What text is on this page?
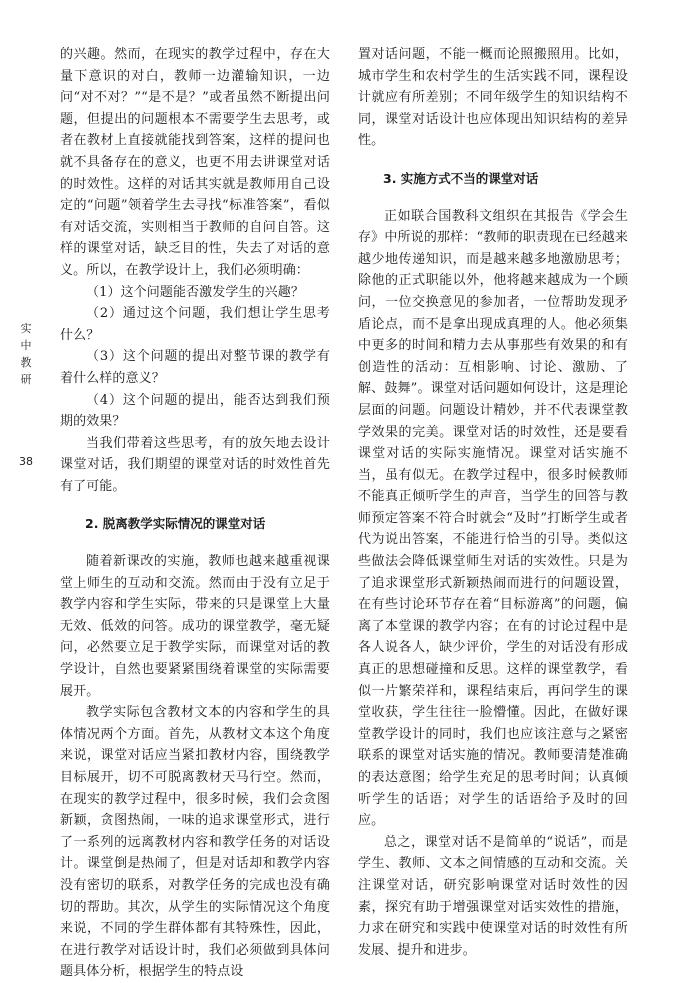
实
中
教
研
38

的兴趣。然而，在现实的教学过程中，存在大量下意识的对白，教师一边灌输知识，一边问“对不对？”“是不是？”或者虽然不断提出问题，但提出的问题根本不需要学生去思考，或者在教材上直接就能找到答案，这样的提问也就不具备存在的意义，也更不用去讲课堂对话的时效性。这样的对话其实就是教师用自己设定的“问题”领着学生去寻找“标准答案”，看似有对话交流，实则相当于教师的自问自答。这样的课堂对话，缺乏目的性，失去了对话的意义。所以，在教学设计上，我们必须明确：

（1）这个问题能否激发学生的兴趣？

（2）通过这个问题，我们想让学生思考什么？

（3）这个问题的提出对整节课的教学有着什么样的意义？

（4）这个问题的提出，能否达到我们预期的效果？

当我们带着这些思考，有的放矢地去设计课堂对话，我们期望的课堂对话的时效性首先有了可能。

2. 脱离教学实际情况的课堂对话

随着新课改的实施，教师也越来越重视课堂上师生的互动和交流。然而由于没有立足于教学内容和学生实际，带来的只是课堂上大量无效、低效的问答。成功的课堂教学，毫无疑问，必然要立足于教学实际，而课堂对话的教学设计，自然也要紧紧围绕着课堂的实际需要展开。

教学实际包含教材文本的内容和学生的具体情况两个方面。首先，从教材文本这个角度来说，课堂对话应当紧扣教材内容，围绕教学目标展开，切不可脱离教材天马行空。然而，在现实的教学过程中，很多时候，我们会贪图新颖，贪图热闹，一味的追求课堂形式，进行了一系列的远离教材内容和教学任务的对话设计。课堂倒是热闹了，但是对话却和教学内容没有密切的联系，对教学任务的完成也没有确切的帮助。其次，从学生的实际情况这个角度来说，不同的学生群体都有其特殊性，因此，在进行教学对话设计时，我们必须做到具体问题具体分析，根据学生的特点设

置对话问题，不能一概而论照搬照用。比如，城市学生和农村学生的生活实践不同，课程设计就应有所差别；不同年级学生的知识结构不同，课堂对话设计也应体现出知识结构的差异性。

3. 实施方式不当的课堂对话

正如联合国教科文组织在其报告《学会生存》中所说的那样：“教师的职责现在已经越来越少地传递知识，而是越来越多地激励思考；除他的正式职能以外，他将越来越成为一个顾问，一位交换意见的参加者，一位帮助发现矛盾论点，而不是拿出现成真理的人。他必须集中更多的时间和精力去从事那些有效果的和有创造性的活动：互相影响、讨论、激励、了解、鼓舞”。课堂对话问题如何设计，这是理论层面的问题。问题设计精妙，并不代表课堂教学效果的完美。课堂对话的时效性，还是要看课堂对话的实际实施情况。课堂对话实施不当，虽有似无。在教学过程中，很多时候教师不能真正倾听学生的声音，当学生的回答与教师预定答案不符合时就会“及时”打断学生或者代为说出答案，不能进行恰当的引导。类似这些做法会降低课堂师生对话的实效性。只是为了追求课堂形式新颖热闹而进行的问题设置，在有些讨论环节存在着“目标游离”的问题，偏离了本堂课的教学内容；在有的讨论过程中是各人说各人，缺少评价，学生的对话没有形成真正的思想碰撞和反思。这样的课堂教学，看似一片繁荣祥和，课程结束后，再问学生的课堂收获，学生往往一脸懵懂。因此，在做好课堂教学设计的同时，我们也应该注意与之紧密联系的课堂对话实施的情况。教师要清楚准确的表达意图；给学生充足的思考时间；认真倾听学生的话语；对学生的话语给予及时的回应。

总之，课堂对话不是简单的“说话”，而是学生、教师、文本之间情感的互动和交流。关注课堂对话，研究影响课堂对话时效性的因素，探究有助于增强课堂对话实效性的措施，力求在研究和实践中使课堂对话的时效性有所发展、提升和进步。
